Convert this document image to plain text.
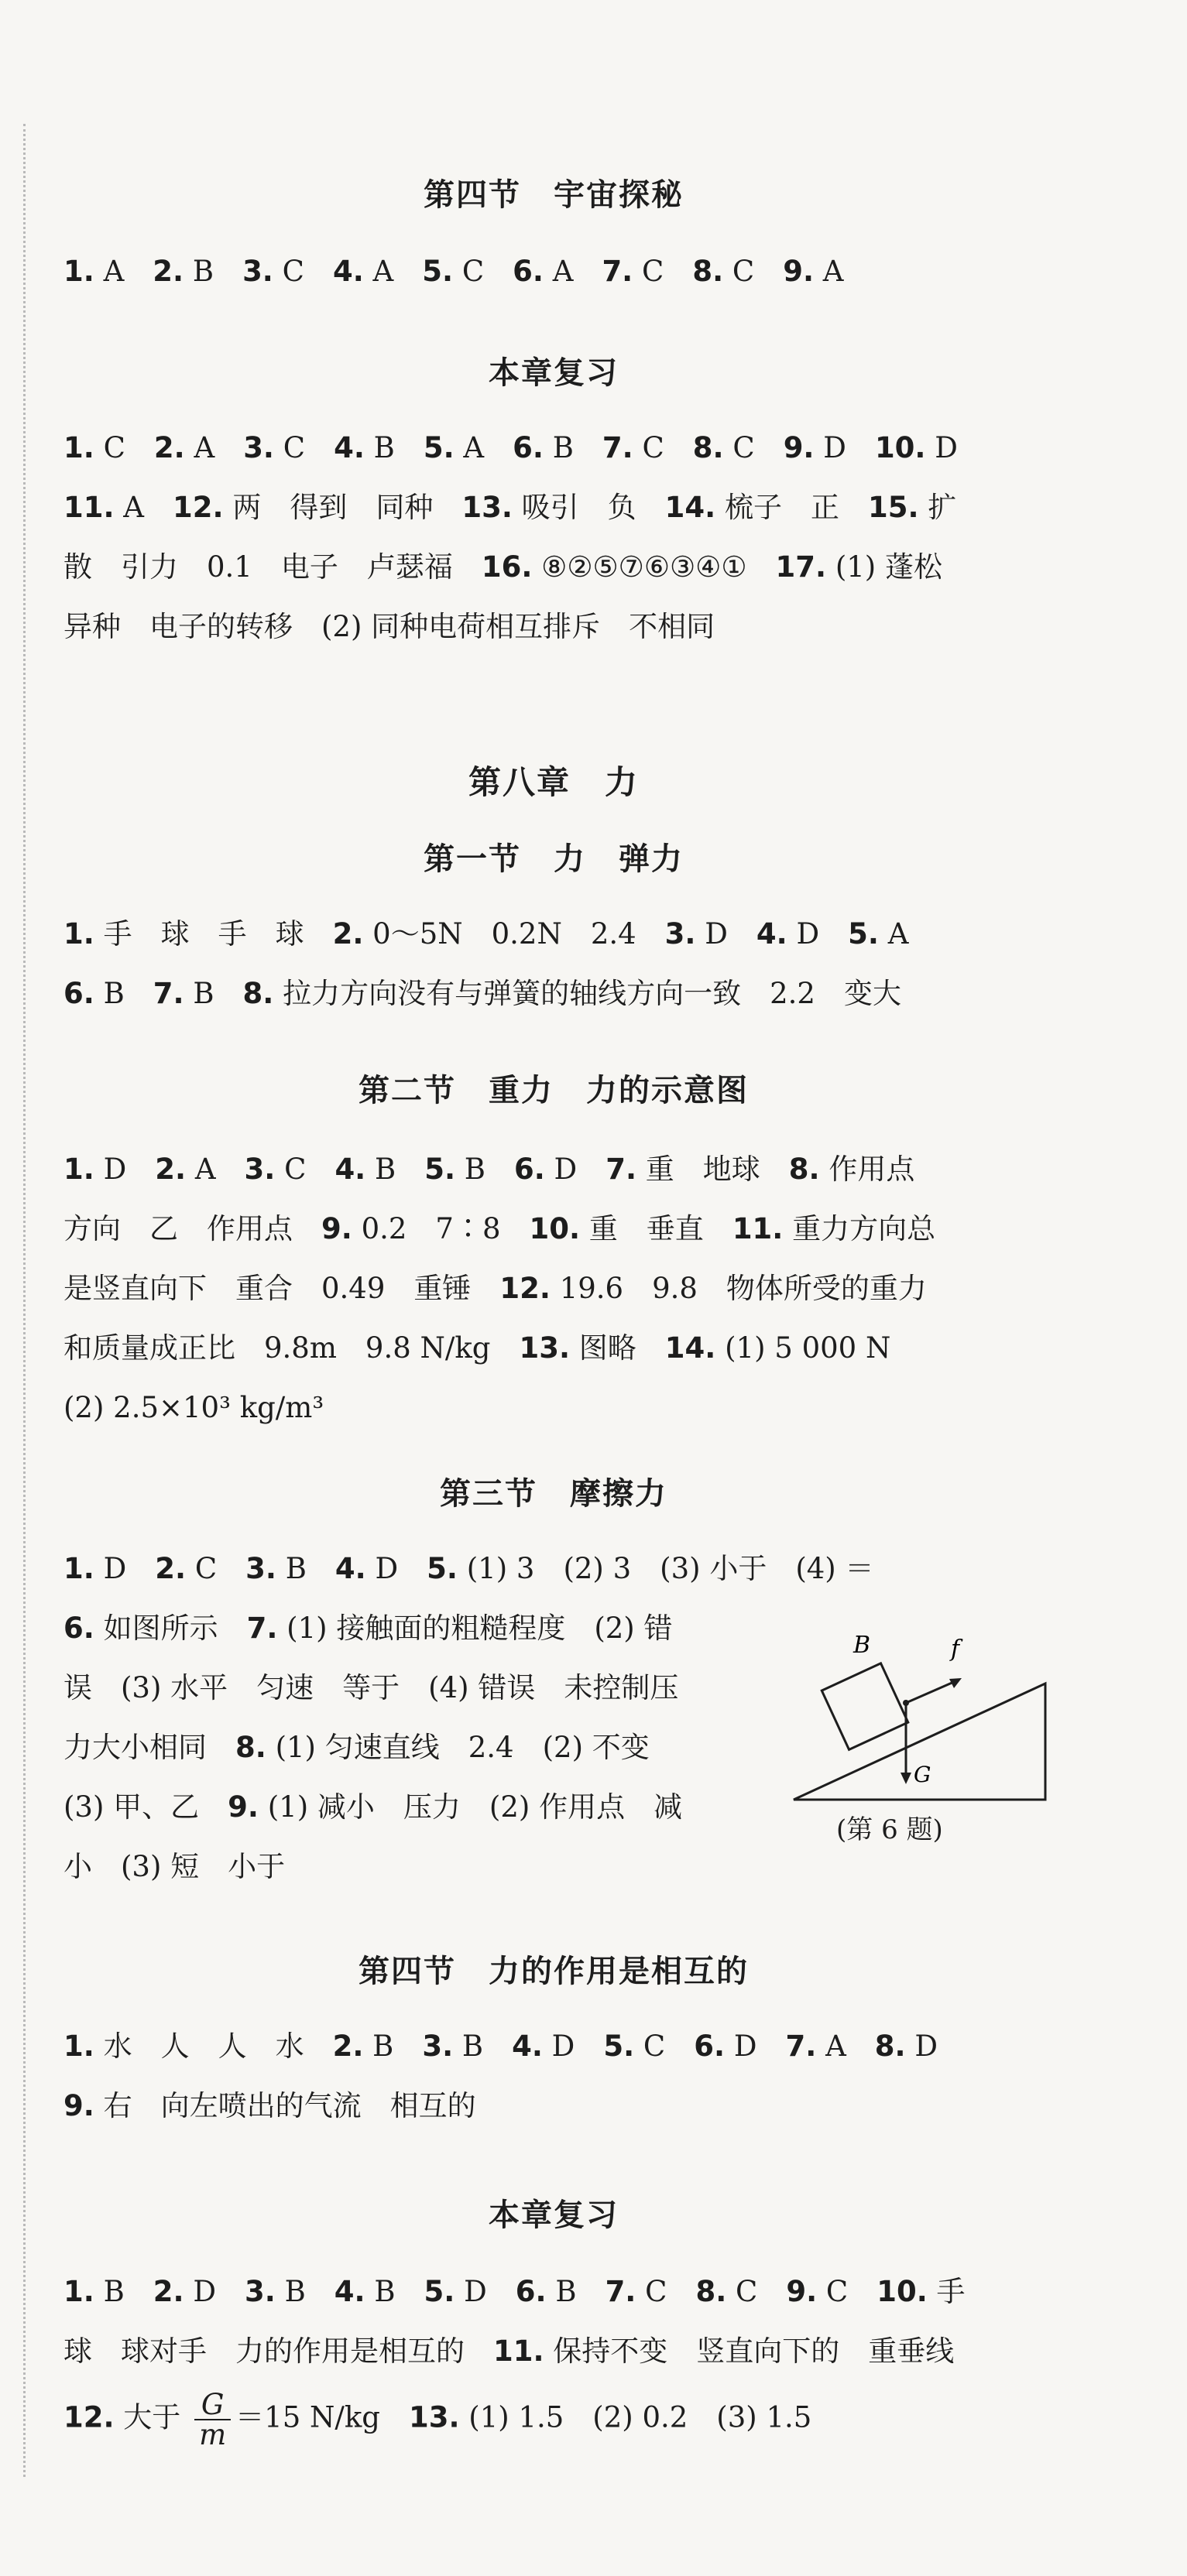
第四节　宇宙探秘
1. A　2. B　3. C　4. A　5. C　6. A　7. C　8. C　9. A
本章复习
1. C　2. A　3. C　4. B　5. A　6. B　7. C　8. C　9. D　10. D
11. A　12. 两　得到　同种　13. 吸引　负　14. 梳子　正　15. 扩
散　引力　0.1　电子　卢瑟福　16. ⑧②⑤⑦⑥③④①　17. (1) 蓬松
异种　电子的转移　(2) 同种电荷相互排斥　不相同
第八章　力
第一节　力　弹力
1. 手　球　手　球　2. 0～5N　0.2N　2.4　3. D　4. D　5. A
6. B　7. B　8. 拉力方向没有与弹簧的轴线方向一致　2.2　变大
第二节　重力　力的示意图
1. D　2. A　3. C　4. B　5. B　6. D　7. 重　地球　8. 作用点
方向　乙　作用点　9. 0.2　7∶8　10. 重　垂直　11. 重力方向总
是竖直向下　重合　0.49　重锤　12. 19.6　9.8　物体所受的重力
和质量成正比　9.8m　9.8 N/kg　13. 图略　14. (1) 5 000 N
(2) 2.5×10³ kg/m³
第三节　摩擦力
1. D　2. C　3. B　4. D　5. (1) 3　(2) 3　(3) 小于　(4) ＝
6. 如图所示　7. (1) 接触面的粗糙程度　(2) 错
误　(3) 水平　匀速　等于　(4) 错误　未控制压
力大小相同　8. (1) 匀速直线　2.4　(2) 不变
(3) 甲、乙　9. (1) 减小　压力　(2) 作用点　减
小　(3) 短　小于
第四节　力的作用是相互的
1. 水　人　人　水　2. B　3. B　4. D　5. C　6. D　7. A　8. D
9. 右　向左喷出的气流　相互的
本章复习
1. B　2. D　3. B　4. B　5. D　6. B　7. C　8. C　9. C　10. 手
球　球对手　力的作用是相互的　11. 保持不变　竖直向下的　重垂线
12. 大于 $\frac{G}{m} =15$ N/kg　13. (1) 1.5　(2) 0.2　(3) 1.5
B	f
G
(第 6 题)
